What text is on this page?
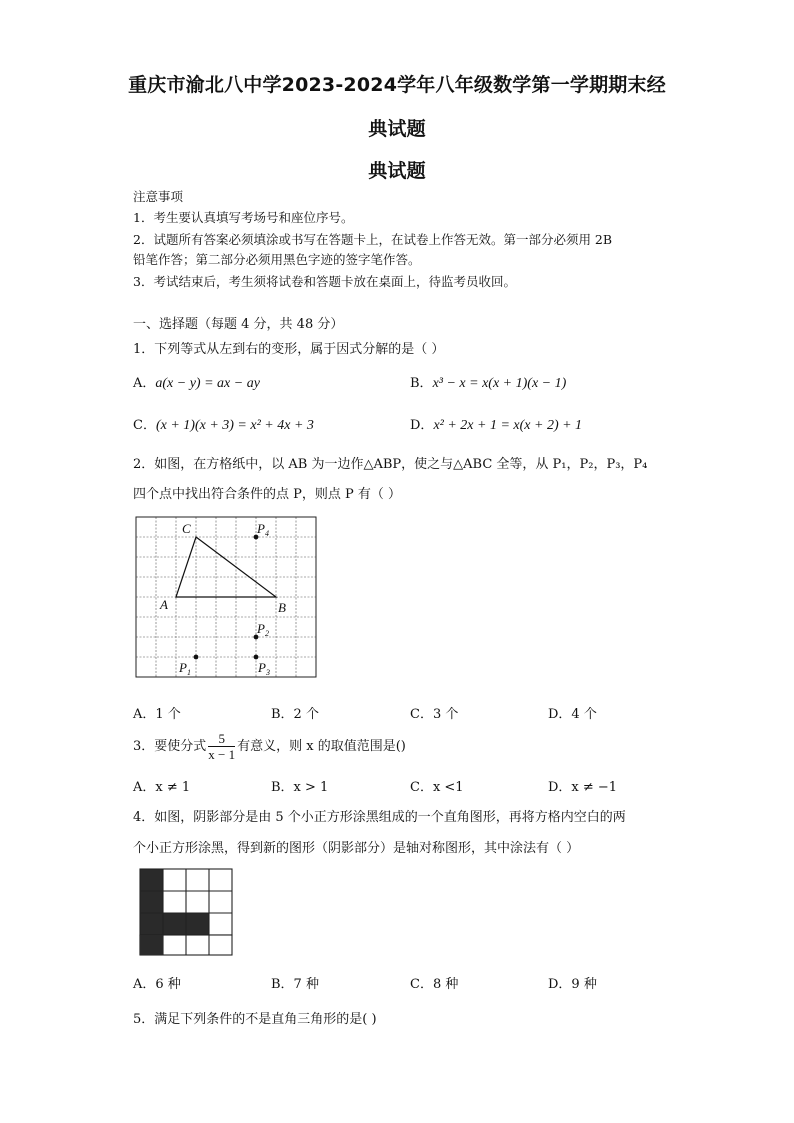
重庆市渝北八中学2023-2024学年八年级数学第一学期期末经
典试题
典试题
注意事项
1．考生要认真填写考场号和座位序号。
2．试题所有答案必须填涂或书写在答题卡上，在试卷上作答无效。第一部分必须用 2B
铅笔作答；第二部分必须用黑色字迹的签字笔作答。
3．考试结束后，考生须将试卷和答题卡放在桌面上，待监考员收回。
一、选择题（每题 4 分，共 48 分）
1．下列等式从左到右的变形，属于因式分解的是（ ）
A．a(x − y) = ax − ay	B．x³ − x = x(x + 1)(x − 1)
C．(x + 1)(x + 3) = x² + 4x + 3	D．x² + 2x + 1 = x(x + 2) + 1
2．如图，在方格纸中，以 AB 为一边作△ABP，使之与△ABC 全等，从 P₁，P₂，P₃，P₄
四个点中找出符合条件的点 P，则点 P 有（ ）
C
A	B
$P_4$
$P_2$
$P_1$	$P_3$
A．1 个	B．2 个	C．3 个	D．4 个
3．要使分式 $\frac{5}{x - 1}$ 有意义，则 x 的取值范围是()
A．x ≠ 1	B．x > 1	C．x <1	D．x ≠ −1
4．如图，阴影部分是由 5 个小正方形涂黑组成的一个直角图形，再将方格内空白的两
个小正方形涂黑，得到新的图形（阴影部分）是轴对称图形，其中涂法有（ ）
A．6 种	B．7 种	C．8 种	D．9 种
5．满足下列条件的不是直角三角形的是( )
